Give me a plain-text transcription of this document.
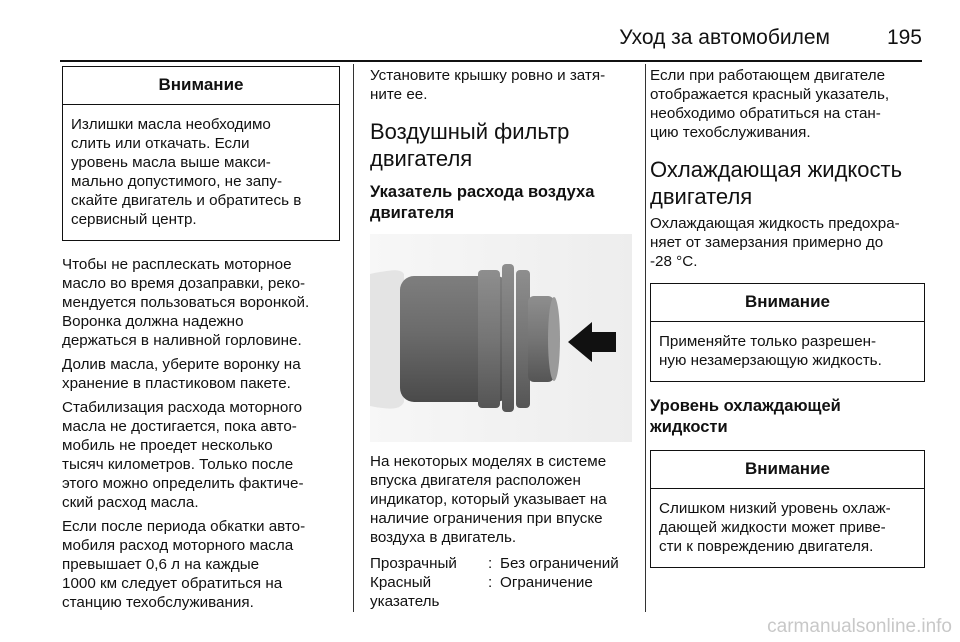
Уход за автомобилем	195
Внимание
Излишки масла необходимо
слить или откачать. Если
уровень масла выше макси-
мально допустимого, не запу-
скайте двигатель и обратитесь в
сервисный центр.

Чтобы не расплескать моторное
масло во время дозаправки, реко-
мендуется пользоваться воронкой.
Воронка должна надежно
держаться в наливной горловине.

Долив масла, уберите воронку на
хранение в пластиковом пакете.

Стабилизация расхода моторного
масла не достигается, пока авто-
мобиль не проедет несколько
тысяч километров. Только после
этого можно определить фактиче-
ский расход масла.

Если после периода обкатки авто-
мобиля расход моторного масла
превышает 0,6 л на каждые
1000 км следует обратиться на
станцию техобслуживания.

Установите крышку ровно и затя-
ните ее.

Воздушный фильтр
двигателя
Указатель расхода воздуха
двигателя

На некоторых моделях в системе
впуска двигателя расположен
индикатор, который указывает на
наличие ограничения при впуске
воздуха в двигатель.

Прозрачный	: Без ограничений
Красный	: Ограничение
указатель

Если при работающем двигателе
отображается красный указатель,
необходимо обратиться на стан-
цию техобслуживания.

Охлаждающая жидкость
двигателя

Охлаждающая жидкость предохра-
няет от замерзания примерно до
-28 °C.

Внимание
Применяйте только разрешен-
ную незамерзающую жидкость.
Уровень охлаждающей
жидкости
Внимание
Слишком низкий уровень охлаж-
дающей жидкости может приве-
сти к повреждению двигателя.
carmanualsonline.info
